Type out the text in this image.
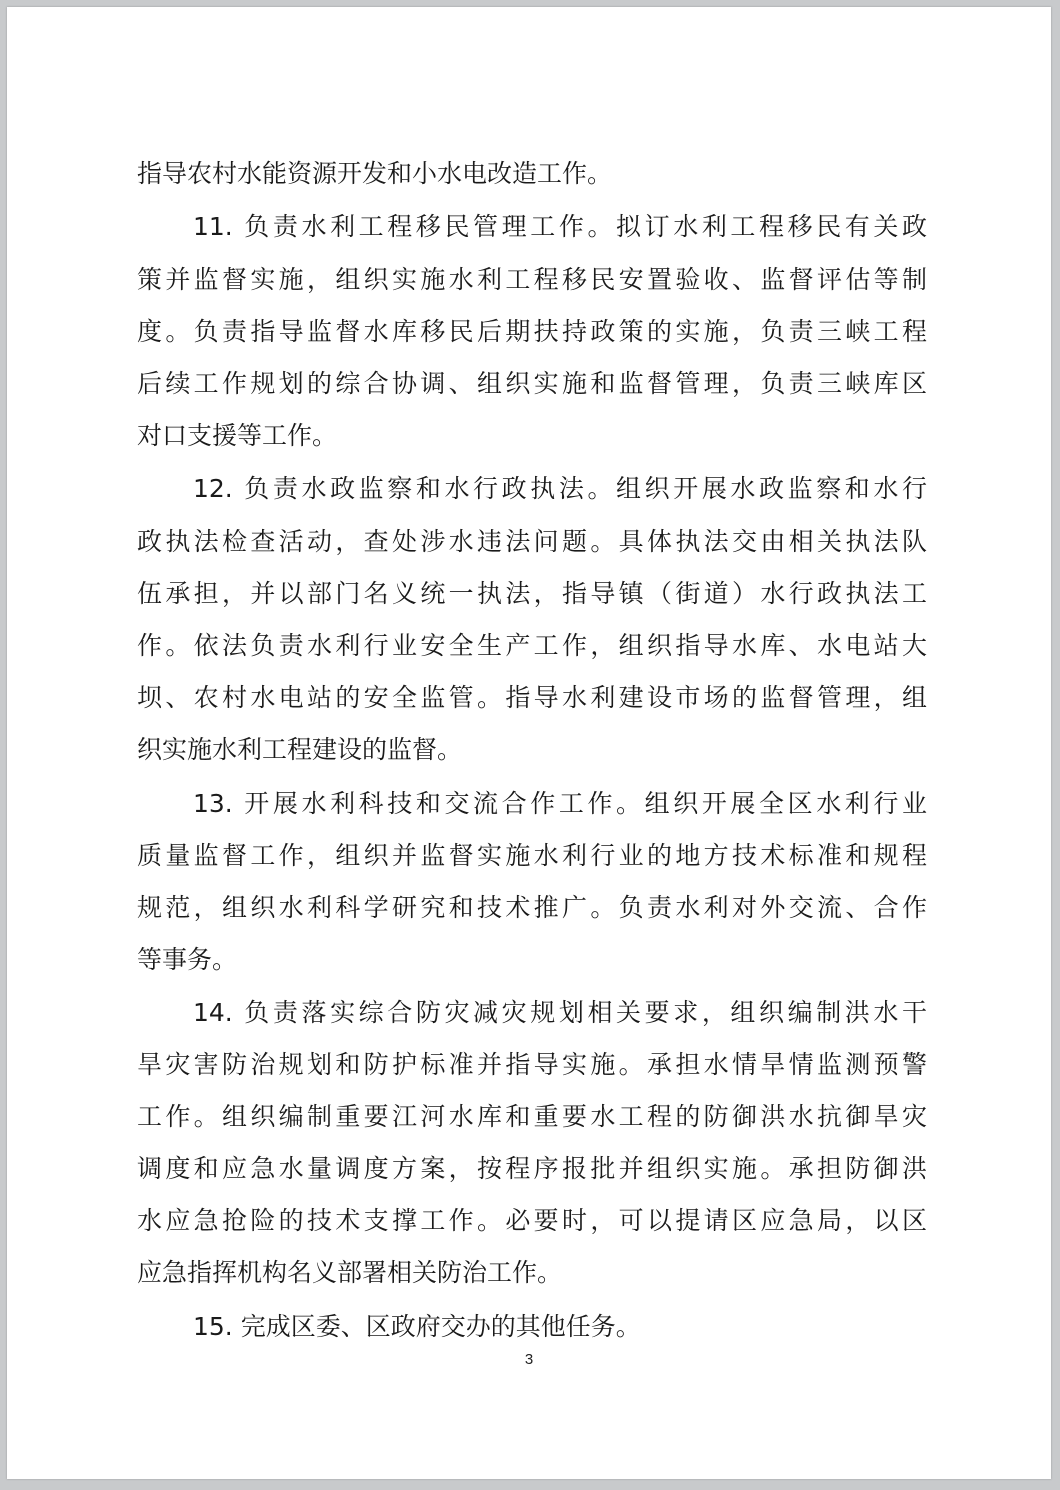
指导农村水能资源开发和小水电改造工作。

11. 负责水利工程移民管理工作。拟订水利工程移民有关政

策并监督实施，组织实施水利工程移民安置验收、监督评估等制

度。负责指导监督水库移民后期扶持政策的实施，负责三峡工程

后续工作规划的综合协调、组织实施和监督管理，负责三峡库区

对口支援等工作。

12. 负责水政监察和水行政执法。组织开展水政监察和水行

政执法检查活动，查处涉水违法问题。具体执法交由相关执法队

伍承担，并以部门名义统一执法，指导镇（街道）水行政执法工

作。依法负责水利行业安全生产工作，组织指导水库、水电站大

坝、农村水电站的安全监管。指导水利建设市场的监督管理，组

织实施水利工程建设的监督。

13. 开展水利科技和交流合作工作。组织开展全区水利行业

质量监督工作，组织并监督实施水利行业的地方技术标准和规程

规范，组织水利科学研究和技术推广。负责水利对外交流、合作

等事务。

14. 负责落实综合防灾减灾规划相关要求，组织编制洪水干

旱灾害防治规划和防护标准并指导实施。承担水情旱情监测预警

工作。组织编制重要江河水库和重要水工程的防御洪水抗御旱灾

调度和应急水量调度方案，按程序报批并组织实施。承担防御洪

水应急抢险的技术支撑工作。必要时，可以提请区应急局，以区

应急指挥机构名义部署相关防治工作。

15. 完成区委、区政府交办的其他任务。

3
